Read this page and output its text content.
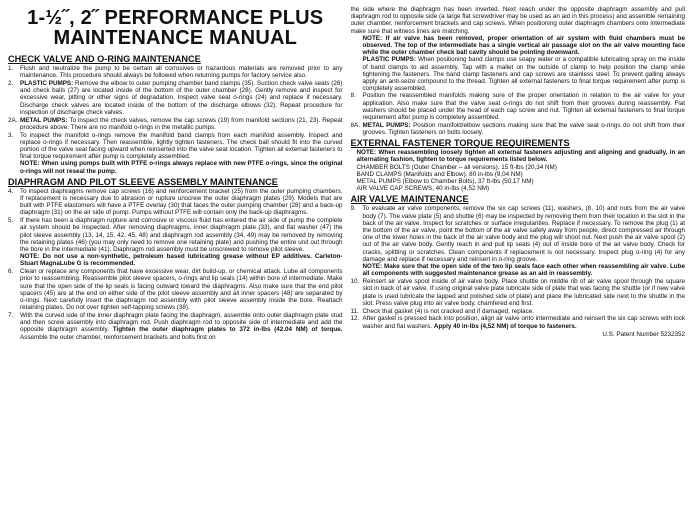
1-½˝, 2˝ PERFORMANCE PLUS MAINTENANCE MANUAL
CHECK VALVE AND O-RING MAINTENANCE
1.	Flush and neutralize the pump to be certain all corrosives or hazardous materials are removed prior to any maintenance. This procedure should always be followed when returning pumps for factory service also.
2.	PLASTIC PUMPS: Remove the elbow to outer pumping chamber band clamps (35). Suction check valve seats (26) and check balls (27) are located inside of the bottom of the outer chamber (28). Gently remove and inspect for excessive wear, pitting or other signs of degradation. Inspect valve seat o-rings (24) and replace if necessary. Discharge check valves are located inside of the bottom of the discharge elbows (32). Repeat procedure for inspection of discharge check valves.
2A. METAL PUMPS: To inspect the check valves, remove the cap screws (19) from manifold sections (21, 23). Repeat procedure above. There are no manifold o-rings in the metallic pumps.
3.	To inspect the manifold o-rings remove the manifold band clamps from each manifold assembly. Inspect and replace o-rings if necessary. Then reassemble, lightly tighten fasteners. The check ball should fit into the curved portion of the valve seat facing upward when reinserted into the valve seat location. Tighten all external fasteners to final torque requirement after pump is completely assembled.
NOTE: When using pumps built with PTFE o-rings always replace with new PTFE o-rings, since the original o-rings will not reseal the pump.
DIAPHRAGM AND PILOT SLEEVE ASSEMBLY MAINTENANCE
4.	To inspect diaphragms remove cap screws (16) and reinforcement bracket (25) from the outer pumping chambers. If replacement is necessary due to abrasion or rupture unscrew the outer diaphragm plates (29). Models that are built with PTFE elastomers will have a PTFE overlay (30) that faces the outer pumping chamber (28) and a back-up diaphragm (31) on the air side of pump. Pumps without PTFE will contain only the back-up diaphragms.
5.	If there has been a diaphragm rupture and corrosive or viscous fluid has entered the air side of pump the complete air system should be inspected. After removing diaphragms, inner diaphragm plate (33), and flat washer (47) the pilot sleeve assembly (13, 14, 15, 42, 45, 48) and diaphragm rod assembly (34, 49) may be removed by removing the retaining plates (46) (you may only need to remove one retaining plate) and pushing the entire unit out through the bore in the intermediate (41). Diaphragm rod assembly must be unscrewed to remove pilot sleeve.
NOTE: Do not use a non-synthetic, petroleum based lubricating grease without EP additives. Carleton-Stuart MagnaLube G is recommended.
6.	Clean or replace any components that have excessive wear, dirt build-up, or chemical attack. Lube all components prior to reassembling. Reassemble pilot sleeve spacers, o-rings and lip seals (14) within bore of intermediate. Make sure that the open side of the lip seals is facing outward toward the diaphragms. Also make sure that the end pilot spacers (45) are at the end on either side of the pilot sleeve assembly and all inner spacers (48) are separated by o-rings. Next carefully insert the diaphragm rod assembly with pilot sleeve assembly inside the bore. Reattach retaining plates. Do not over tighten self-tapping screws (38).
7.	With the curved side of the inner diaphragm plate facing the diaphragm, assemble onto outer diaphragm plate stud and then screw assembly into diaphragm rod. Push diaphragm rod to opposite side of intermediate and add the opposite diaphragm assembly. Tighten the outer diaphragm plates to 372 in-lbs (42.04 NM) of torque. Assemble the outer chamber, reinforcement brackets and bolts first on

the side where the diaphragm has been inverted. Next reach under the opposite diaphragm assembly and pull diaphragm rod to opposite side (a large flat screwdriver may be used as an aid in this process) and assemble remaining outer chamber, reinforcement brackets and cap screws. When positioning outer diaphragm chambers onto intermediate make sure that witness lines are matching.

NOTE: If air valve has been removed, proper orientation of air system with fluid chambers must be observed. The top of the intermediate has a single vertical air passage slot on the air valve mounting face while the outer chamber check ball cavity should be pointing downward.

PLASTIC PUMPS: When positioning band clamps use soapy water or a compatible lubricating spray on the inside of band clamps to aid assembly. Tap with a mallet on the outside of clamp to help position the clamp while tightening the fasteners. The band clamp fasteners and cap screws are stainless steel. To prevent galling always apply an anti-seize compound to the thread. Tighten all external fasteners to final torque requirement after pump is completely assembled.

8.	Position the reassembled manifolds making sure of the proper orientation in relation to the air valve for your application. Also make sure that the valve seat o-rings do not shift from their grooves during reassembly. Flat washers should be placed under the head of each cap screw and nut. Tighten all external fasteners to final torque requirement after pump is completely assembled.
8A. METAL PUMPS: Position manifold/elbow sections making sure that the valve seat o-rings do not shift from their grooves. Tighten fasteners on bolts loosely.
EXTERNAL FASTENER TORQUE REQUIREMENTS

NOTE: When reassembling loosely tighten all external fasteners adjusting and aligning and gradually, in an alternating fashion, tighten to torque requirements listed below.

CHAMBER BOLTS (Outer Chamber – all versions), 15 ft-lbs (20,34 NM)

BAND CLAMPS (Manifolds and Elbow), 80 in-lbs (9,04 NM)

METAL PUMPS (Elbow to Chamber Bolts), 37 ft-lbs (50,17 NM)

AIR VALVE CAP SCREWS, 40 in-lbs (4,52 NM)

AIR VALVE MAINTENANCE
9.	To evaluate air valve components, remove the six cap screws (11), washers, (8, 10) and nuts from the air valve body (7). The valve plate (5) and shuttle (6) may be inspected by removing them from their location in the slot in the back of the air valve. Inspect for scratches or surface irregularities. Replace if necessary. To remove the plug (1) at the bottom of the air valve, point the bottom of the air valve safely away from people, direct compressed air through one of the lower holes in the back of the air valve body and the plug will shoot out. Next push the air valve spool (2) out of the air valve body. Gently reach in and pull lip seals (4) out of inside bore of the air valve body. Check for cracks, splitting or scratches. Clean components if replacement is not necessary. Inspect plug o-ring (4) for any damage and replace if necessary and reinsert in o-ring groove.
NOTE: Make sure that the open side of the two lip seals face each other when reassembling air valve. Lube all components with suggested maintenance grease as an aid in reassembly.
10. Reinsert air valve spool inside of air valve body. Place shuttle on middle rib of air valve spool through the square slot in back of air valve. If using original valve plate lubricate side of plate that was facing the shuttle (or if new valve plate is used lubricate the lapped and polished side of plate) and place the lubricated side next to the shuttle in the slot. Press valve plug into air valve body, chamfered end first.
11. Check that gasket (4) is not cracked and if damaged, replace.
12. After gasket is pressed back into position, align air valve onto intermediate and reinsert the six cap screws with lock washer and flat washers. Apply 40 in-lbs (4,52 NM) of torque to fasteners.
U.S. Patent Number 5232352
